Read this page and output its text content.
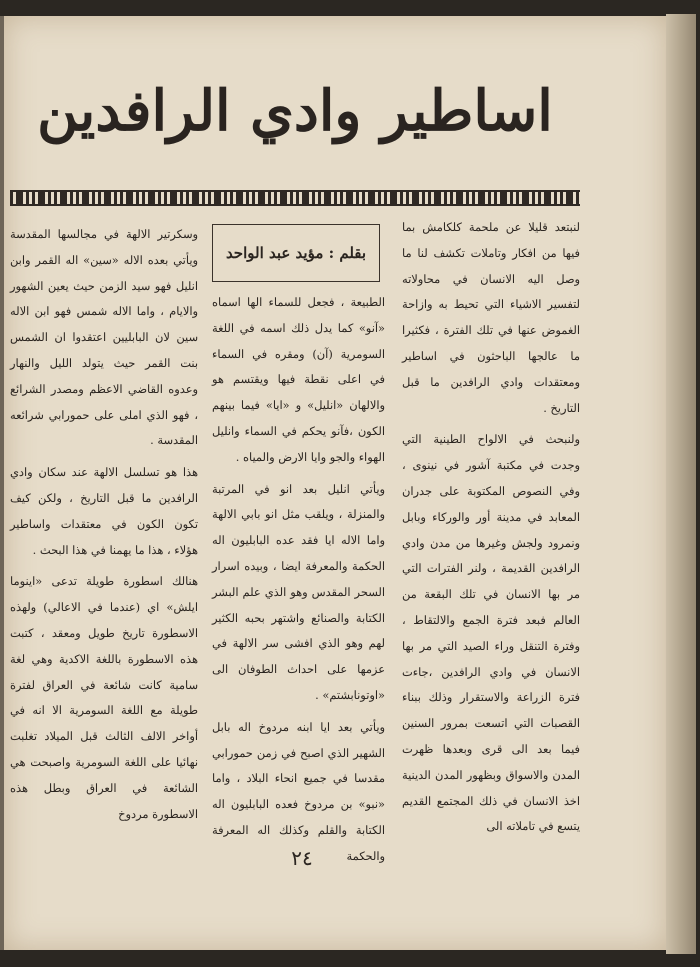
اساطير وادي الرافدين

لنبتعد قليلا عن ملحمة كلكامش بما فيها من افكار وتاملات تكشف لنا ما وصل اليه الانسان في محاولاته لتفسير الاشياء التي تحيط به وازاحة الغموض عنها في تلك الفترة ، فكثيرا ما عالجها الباحثون في اساطير ومعتقدات وادي الرافدين ما قبل التاريخ .

ولنبحث في الالواح الطينية التي وجدت في مكتبة آشور في نينوى ، وفي النصوص المكتوبة على جدران المعابد في مدينة أور والوركاء وبابل ونمرود ولجش وغيرها من مدن وادي الرافدين القديمة ، ولنر الفترات التي مر بها الانسان في تلك البقعة من العالم فبعد فترة الجمع والالتقاط ، وفترة التنقل وراء الصيد التي مر بها الانسان في وادي الرافدين ،جاءت فترة الزراعة والاستقرار وذلك ببناء القصبات التي اتسعت بمرور السنين فيما بعد الى قرى وبعدها ظهرت المدن والاسواق وبظهور المدن الدينية اخذ الانسان في ذلك المجتمع القديم يتسع في تاملاته الى

بقلم : مؤيد عبد الواحد

الطبيعة ، فجعل للسماء الها اسماه «آنو» كما يدل ذلك اسمه في اللغة السومرية (آن) ومقره في السماء في اعلى نقطة فيها ويقتسم هو والالهان «انليل» و «ايا» فيما بينهم الكون ،فآنو يحكم في السماء وانليل الهواء والجو وايا الارض والمياه .

ويأتي انليل بعد انو في المرتبة والمنزلة ، ويلقب مثل انو بابي الالهة واما الاله ايا فقد عده البابليون اله الحكمة والمعرفة ايضا ، وبيده اسرار السحر المقدس وهو الذي علم البشر الكتابة والصنائع واشتهر بحبه الكثير لهم وهو الذي افشى سر الالهة في عزمها على احداث الطوفان الى «اوتونابشتم» .

ويأتي بعد ايا ابنه مردوخ اله بابل الشهير الذي اصبح في زمن حمورابي مقدسا في جميع انحاء البلاد ، واما «نبو» بن مردوخ فعده البابليون اله الكتابة والقلم وكذلك اله المعرفة والحكمة

وسكرتير الالهة في مجالسها المقدسة ويأتي بعده الاله «سين» اله القمر وابن انليل فهو سيد الزمن حيث يعين الشهور والايام ، واما الاله شمس فهو ابن الاله سين لان البابليين اعتقدوا ان الشمس بنت القمر حيث يتولد الليل والنهار وعدوه القاضي الاعظم ومصدر الشرائع ، فهو الذي املى على حمورابي شرائعه المقدسة .

هذا هو تسلسل الالهة عند سكان وادي الرافدين ما قبل التاريخ ، ولكن كيف تكون الكون في معتقدات واساطير هؤلاء ، هذا ما يهمنا في هذا البحث .

هنالك اسطورة طويلة تدعى «اينوما ايلش» اي (عندما في الاعالي) ولهذه الاسطورة تاريخ طويل ومعقد ، كتبت هذه الاسطورة باللغة الاكدية وهي لغة سامية كانت شائعة في العراق لفترة طويلة مع اللغة السومرية الا انه في أواخر الالف الثالث قبل الميلاد تغلبت نهائيا على اللغة السومرية واصبحت هي الشائعة في العراق وبطل هذه الاسطورة مردوخ

٢٤
